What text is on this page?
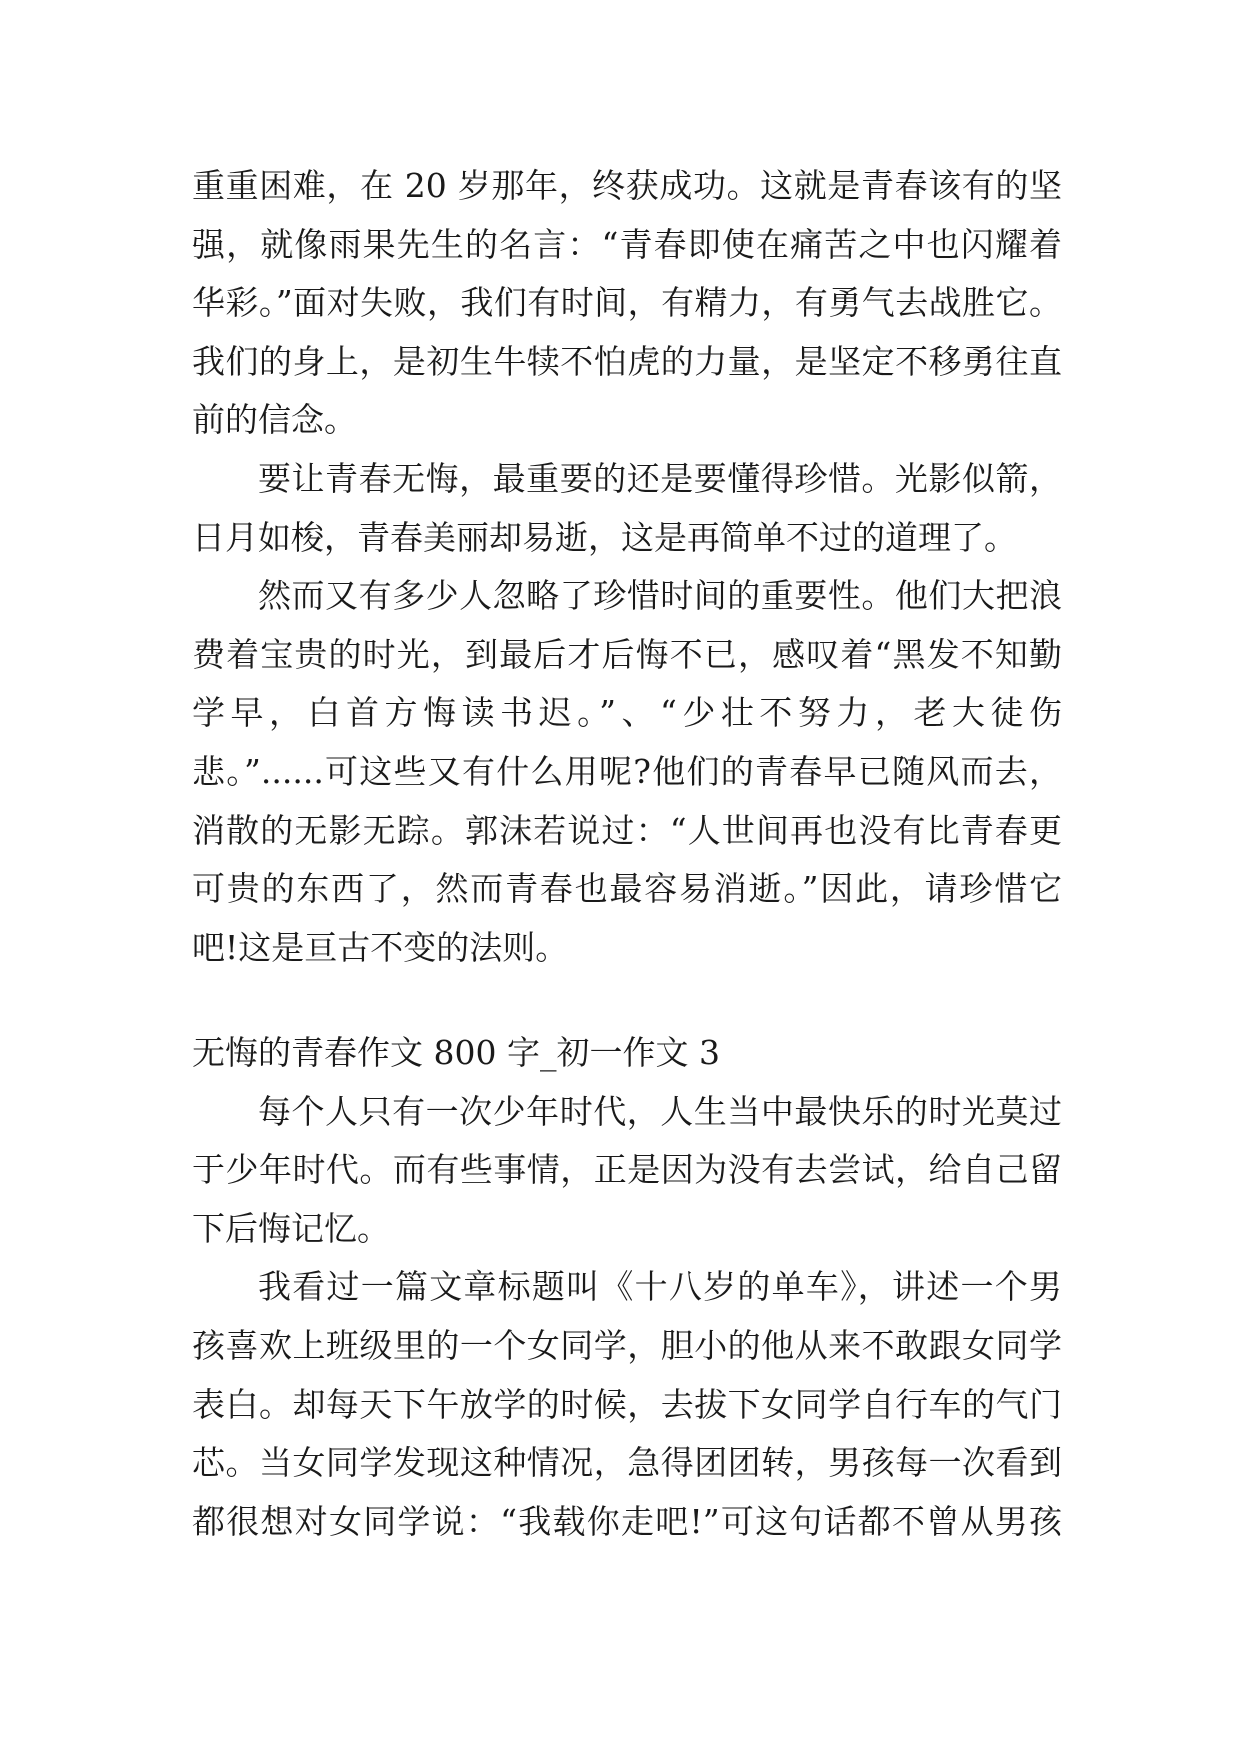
重重困难，在 20 岁那年，终获成功。这就是青春该有的坚
强，就像雨果先生的名言：“青春即使在痛苦之中也闪耀着
华彩。”面对失败，我们有时间，有精力，有勇气去战胜它。
我们的身上，是初生牛犊不怕虎的力量，是坚定不移勇往直
前的信念。
要让青春无悔，最重要的还是要懂得珍惜。光影似箭，
日月如梭，青春美丽却易逝，这是再简单不过的道理了。
然而又有多少人忽略了珍惜时间的重要性。他们大把浪
费着宝贵的时光，到最后才后悔不已，感叹着“黑发不知勤
学早，白首方悔读书迟。”、“少壮不努力，老大徒伤
悲。”......可这些又有什么用呢?他们的青春早已随风而去，
消散的无影无踪。郭沫若说过：“人世间再也没有比青春更
可贵的东西了，然而青春也最容易消逝。”因此，请珍惜它
吧!这是亘古不变的法则。
无悔的青春作文 800 字_初一作文 3
每个人只有一次少年时代，人生当中最快乐的时光莫过
于少年时代。而有些事情，正是因为没有去尝试，给自己留
下后悔记忆。
我看过一篇文章标题叫《十八岁的单车》，讲述一个男
孩喜欢上班级里的一个女同学，胆小的他从来不敢跟女同学
表白。却每天下午放学的时候，去拔下女同学自行车的气门
芯。当女同学发现这种情况，急得团团转，男孩每一次看到
都很想对女同学说：“我载你走吧!”可这句话都不曾从男孩
